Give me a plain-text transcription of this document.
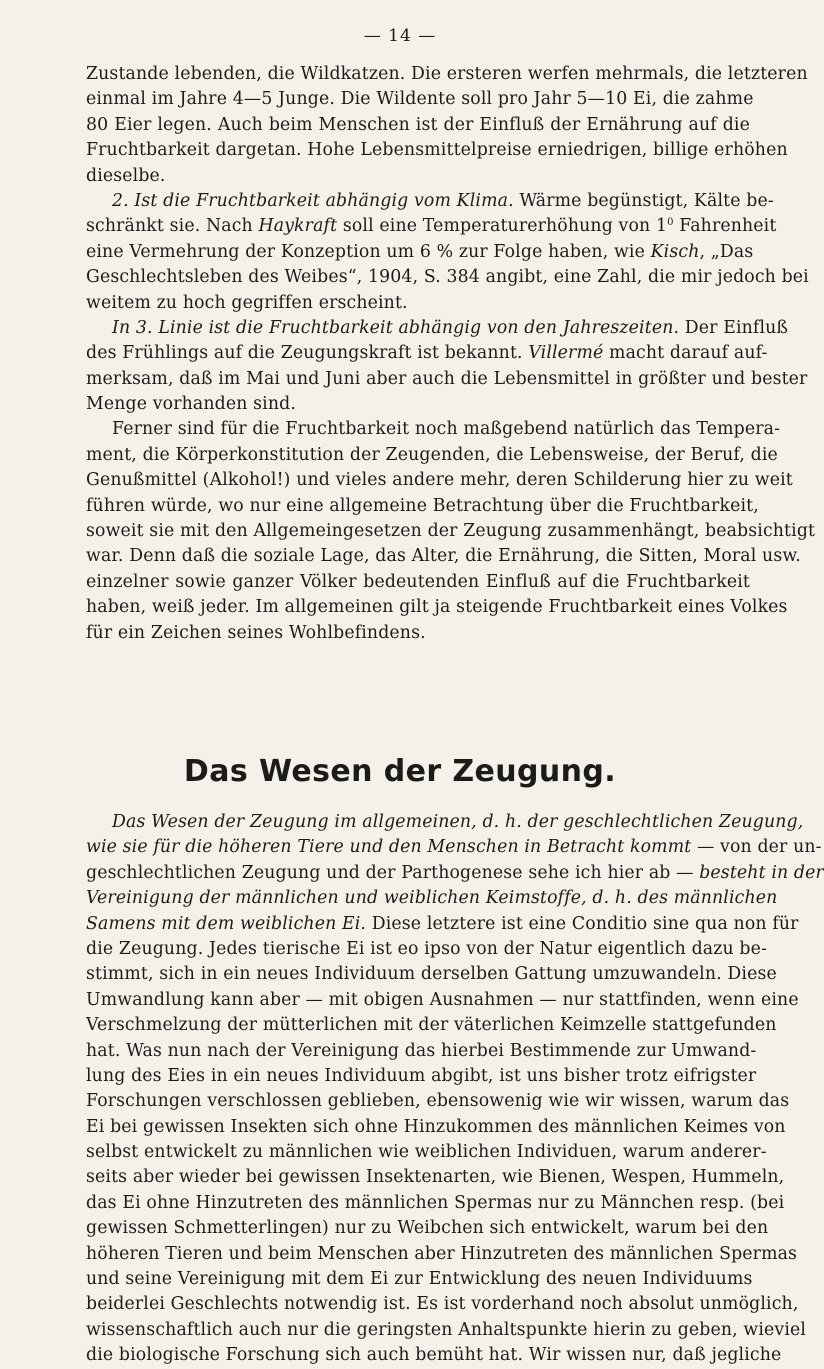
— 14 —

Zustande lebenden, die Wildkatzen. Die ersteren werfen mehrmals, die letzteren
einmal im Jahre 4—5 Junge. Die Wildente soll pro Jahr 5—10 Ei, die zahme
80 Eier legen. Auch beim Menschen ist der Einfluß der Ernährung auf die
Fruchtbarkeit dargetan. Hohe Lebensmittelpreise erniedrigen, billige erhöhen
dieselbe.
2. Ist die Fruchtbarkeit abhängig vom Klima. Wärme begünstigt, Kälte be-
schränkt sie. Nach Haykraft soll eine Temperaturerhöhung von $1^0$ Fahrenheit
eine Vermehrung der Konzeption um 6 % zur Folge haben, wie Kisch, „Das
Geschlechtsleben des Weibes“, 1904, S. 384 angibt, eine Zahl, die mir jedoch bei
weitem zu hoch gegriffen erscheint.
In 3. Linie ist die Fruchtbarkeit abhängig von den Jahreszeiten. Der Einfluß
des Frühlings auf die Zeugungskraft ist bekannt. Villermé macht darauf auf-
merksam, daß im Mai und Juni aber auch die Lebensmittel in größter und bester
Menge vorhanden sind.
Ferner sind für die Fruchtbarkeit noch maßgebend natürlich das Tempera-
ment, die Körperkonstitution der Zeugenden, die Lebensweise, der Beruf, die
Genußmittel (Alkohol!) und vieles andere mehr, deren Schilderung hier zu weit
führen würde, wo nur eine allgemeine Betrachtung über die Fruchtbarkeit,
soweit sie mit den Allgemeingesetzen der Zeugung zusammenhängt, beabsichtigt
war. Denn daß die soziale Lage, das Alter, die Ernährung, die Sitten, Moral usw.
einzelner sowie ganzer Völker bedeutenden Einfluß auf die Fruchtbarkeit
haben, weiß jeder. Im allgemeinen gilt ja steigende Fruchtbarkeit eines Volkes
für ein Zeichen seines Wohlbefindens.
Das Wesen der Zeugung.
Das Wesen der Zeugung im allgemeinen, d. h. der geschlechtlichen Zeugung,
wie sie für die höheren Tiere und den Menschen in Betracht kommt — von der un-
geschlechtlichen Zeugung und der Parthogenese sehe ich hier ab — besteht in der
Vereinigung der männlichen und weiblichen Keimstoffe, d. h. des männlichen
Samens mit dem weiblichen Ei. Diese letztere ist eine Conditio sine qua non für
die Zeugung. Jedes tierische Ei ist eo ipso von der Natur eigentlich dazu be-
stimmt, sich in ein neues Individuum derselben Gattung umzuwandeln. Diese
Umwandlung kann aber — mit obigen Ausnahmen — nur stattfinden, wenn eine
Verschmelzung der mütterlichen mit der väterlichen Keimzelle stattgefunden
hat. Was nun nach der Vereinigung das hierbei Bestimmende zur Umwand-
lung des Eies in ein neues Individuum abgibt, ist uns bisher trotz eifrigster
Forschungen verschlossen geblieben, ebensowenig wie wir wissen, warum das
Ei bei gewissen Insekten sich ohne Hinzukommen des männlichen Keimes von
selbst entwickelt zu männlichen wie weiblichen Individuen, warum anderer-
seits aber wieder bei gewissen Insektenarten, wie Bienen, Wespen, Hummeln,
das Ei ohne Hinzutreten des männlichen Spermas nur zu Männchen resp. (bei
gewissen Schmetterlingen) nur zu Weibchen sich entwickelt, warum bei den
höheren Tieren und beim Menschen aber Hinzutreten des männlichen Spermas
und seine Vereinigung mit dem Ei zur Entwicklung des neuen Individuums
beiderlei Geschlechts notwendig ist. Es ist vorderhand noch absolut unmöglich,
wissenschaftlich auch nur die geringsten Anhaltspunkte hierin zu geben, wieviel
die biologische Forschung sich auch bemüht hat. Wir wissen nur, daß jegliche
